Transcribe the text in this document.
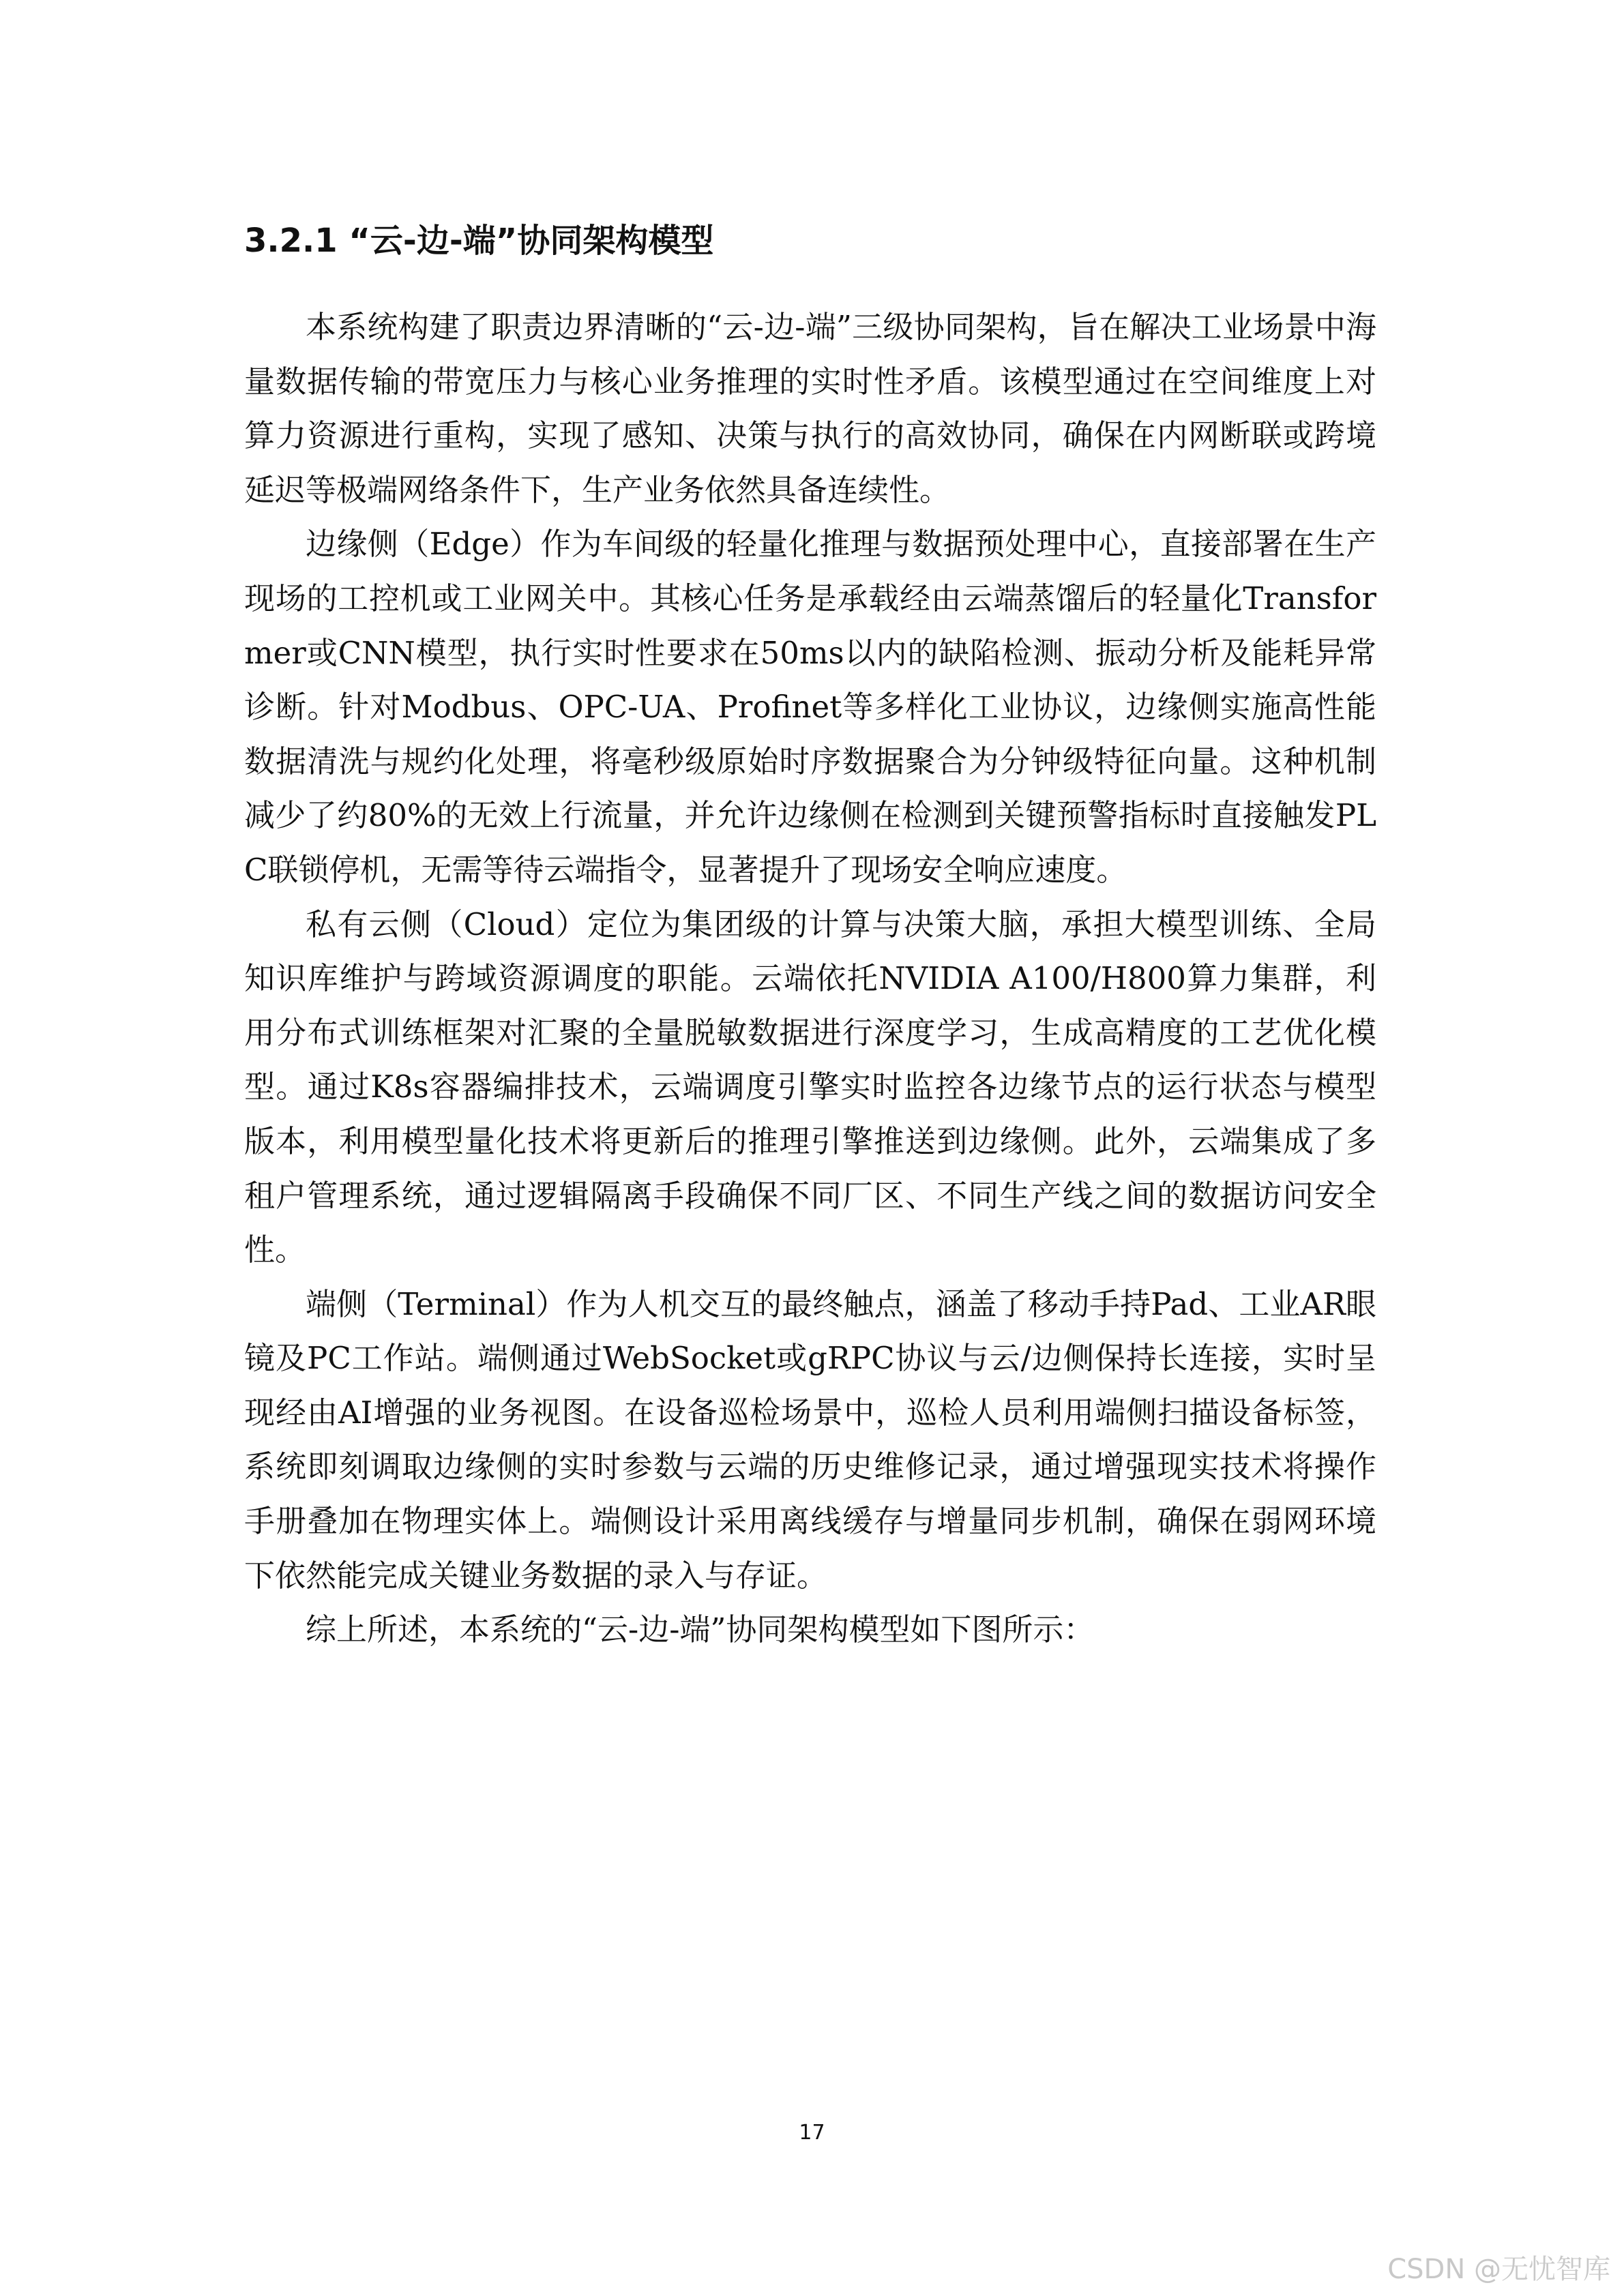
3.2.1 “云-边-端”协同架构模型

本系统构建了职责边界清晰的“云-边-端”三级协同架构，旨在解决工业场景中海量数据传输的带宽压力与核心业务推理的实时性矛盾。该模型通过在空间维度上对算力资源进行重构，实现了感知、决策与执行的高效协同，确保在内网断联或跨境延迟等极端网络条件下，生产业务依然具备连续性。

边缘侧（Edge）作为车间级的轻量化推理与数据预处理中心，直接部署在生产现场的工控机或工业网关中。其核心任务是承载经由云端蒸馏后的轻量化Transformer或CNN模型，执行实时性要求在50ms以内的缺陷检测、振动分析及能耗异常诊断。针对Modbus、OPC-UA、Profinet等多样化工业协议，边缘侧实施高性能数据清洗与规约化处理，将毫秒级原始时序数据聚合为分钟级特征向量。这种机制减少了约80%的无效上行流量，并允许边缘侧在检测到关键预警指标时直接触发PLC联锁停机，无需等待云端指令，显著提升了现场安全响应速度。

私有云侧（Cloud）定位为集团级的计算与决策大脑，承担大模型训练、全局知识库维护与跨域资源调度的职能。云端依托NVIDIA A100/H800算力集群，利用分布式训练框架对汇聚的全量脱敏数据进行深度学习，生成高精度的工艺优化模型。通过K8s容器编排技术，云端调度引擎实时监控各边缘节点的运行状态与模型版本，利用模型量化技术将更新后的推理引擎推送到边缘侧。此外，云端集成了多租户管理系统，通过逻辑隔离手段确保不同厂区、不同生产线之间的数据访问安全性。

端侧（Terminal）作为人机交互的最终触点，涵盖了移动手持Pad、工业AR眼镜及PC工作站。端侧通过WebSocket或gRPC协议与云/边侧保持长连接，实时呈现经由AI增强的业务视图。在设备巡检场景中，巡检人员利用端侧扫描设备标签，系统即刻调取边缘侧的实时参数与云端的历史维修记录，通过增强现实技术将操作手册叠加在物理实体上。端侧设计采用离线缓存与增量同步机制，确保在弱网环境下依然能完成关键业务数据的录入与存证。

综上所述，本系统的“云-边-端”协同架构模型如下图所示：

17
CSDN @无忧智库
